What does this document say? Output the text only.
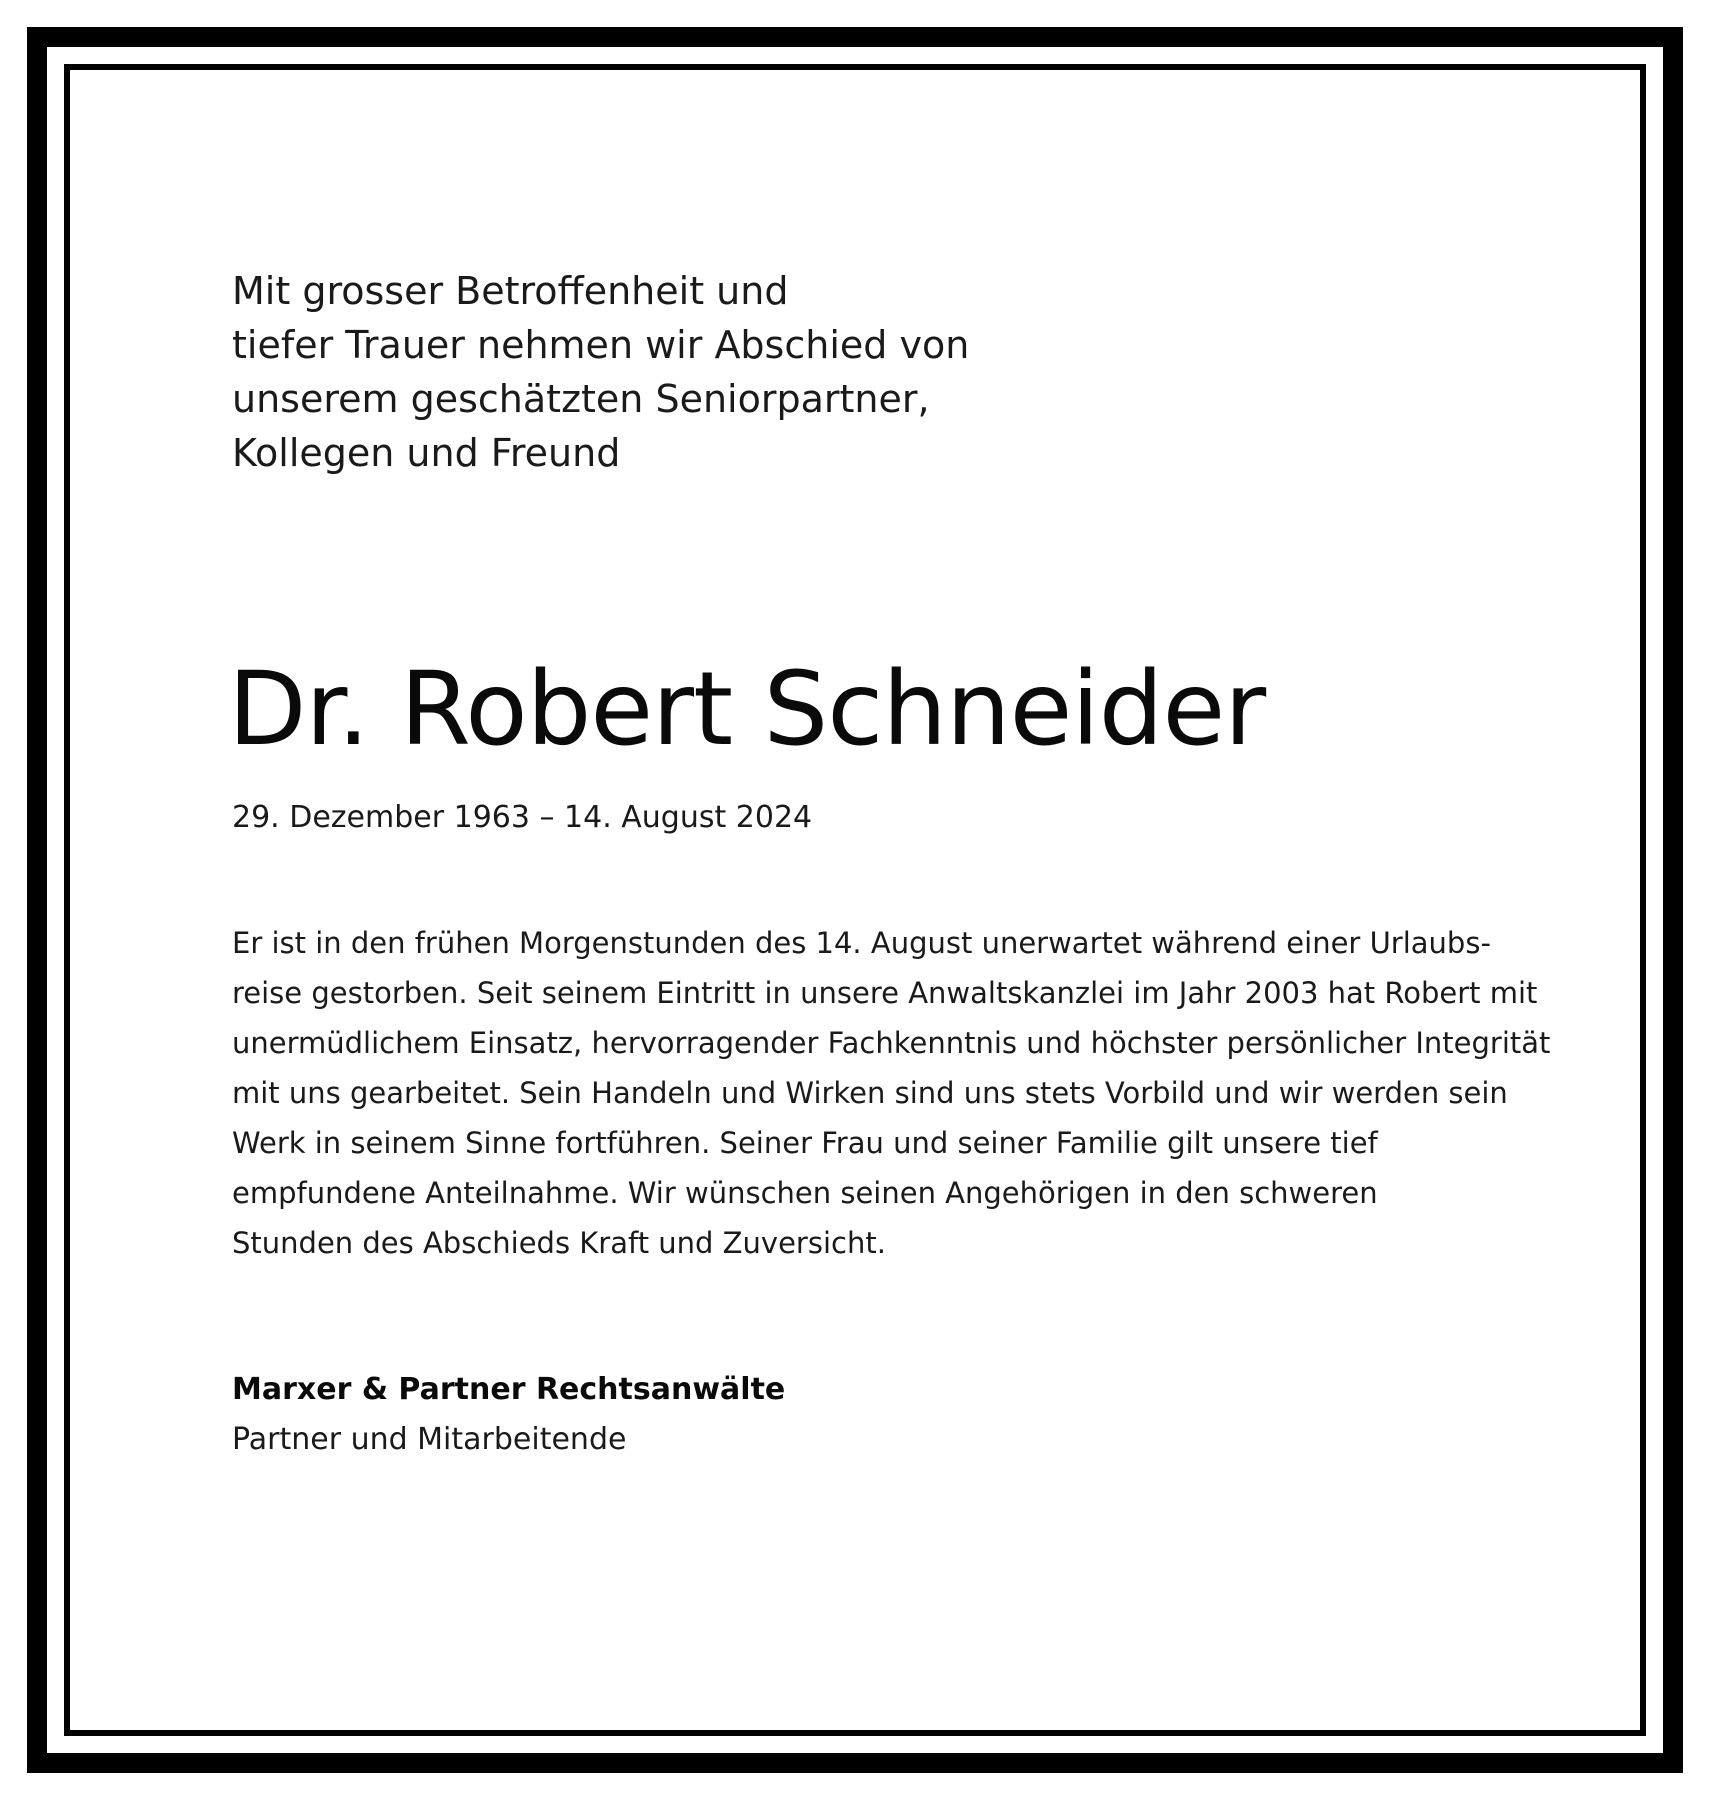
Mit grosser Betroffenheit und
tiefer Trauer nehmen wir Abschied von
unserem geschätzten Seniorpartner,
Kollegen und Freund
Dr. Robert Schneider
29. Dezember 1963 – 14. August 2024
Er ist in den frühen Morgenstunden des 14. August unerwartet während einer Urlaubs-
reise gestorben. Seit seinem Eintritt in unsere Anwaltskanzlei im Jahr 2003 hat Robert mit
unermüdlichem Einsatz, hervorragender Fachkenntnis und höchster persönlicher Integrität
mit uns gearbeitet. Sein Handeln und Wirken sind uns stets Vorbild und wir werden sein
Werk in seinem Sinne fortführen. Seiner Frau und seiner Familie gilt unsere tief
empfundene Anteilnahme. Wir wünschen seinen Angehörigen in den schweren
Stunden des Abschieds Kraft und Zuversicht.
Marxer & Partner Rechtsanwälte
Partner und Mitarbeitende
